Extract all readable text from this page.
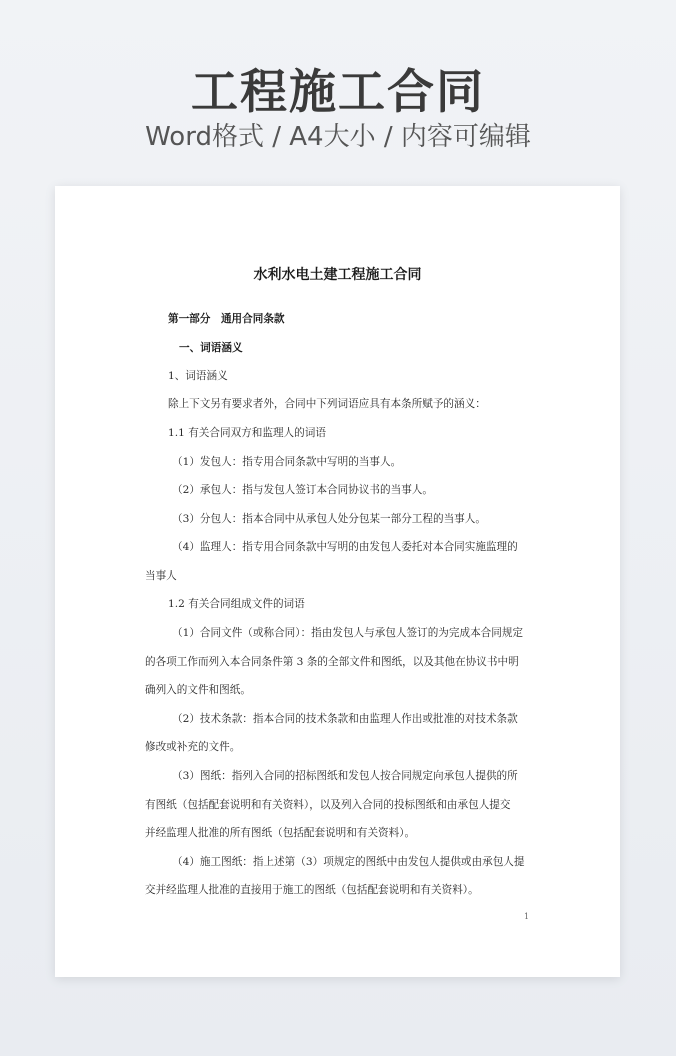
工程施工合同
Word格式 / A4大小 / 内容可编辑
水利水电土建工程施工合同
第一部分　通用合同条款
一、词语涵义
1、词语涵义
除上下文另有要求者外，合同中下列词语应具有本条所赋予的涵义：
1.1 有关合同双方和监理人的词语
（1）发包人：指专用合同条款中写明的当事人。
（2）承包人：指与发包人签订本合同协议书的当事人。
（3）分包人：指本合同中从承包人处分包某一部分工程的当事人。
（4）监理人：指专用合同条款中写明的由发包人委托对本合同实施监理的
当事人
1.2 有关合同组成文件的词语
（1）合同文件（或称合同）：指由发包人与承包人签订的为完成本合同规定
的各项工作而列入本合同条件第 3 条的全部文件和图纸，以及其他在协议书中明
确列入的文件和图纸。
（2）技术条款：指本合同的技术条款和由监理人作出或批准的对技术条款
修改或补充的文件。
（3）图纸：指列入合同的招标图纸和发包人按合同规定向承包人提供的所
有图纸（包括配套说明和有关资料），以及列入合同的投标图纸和由承包人提交
并经监理人批准的所有图纸（包括配套说明和有关资料）。
（4）施工图纸：指上述第（3）项规定的图纸中由发包人提供或由承包人提
交并经监理人批准的直接用于施工的图纸（包括配套说明和有关资料）。
1
